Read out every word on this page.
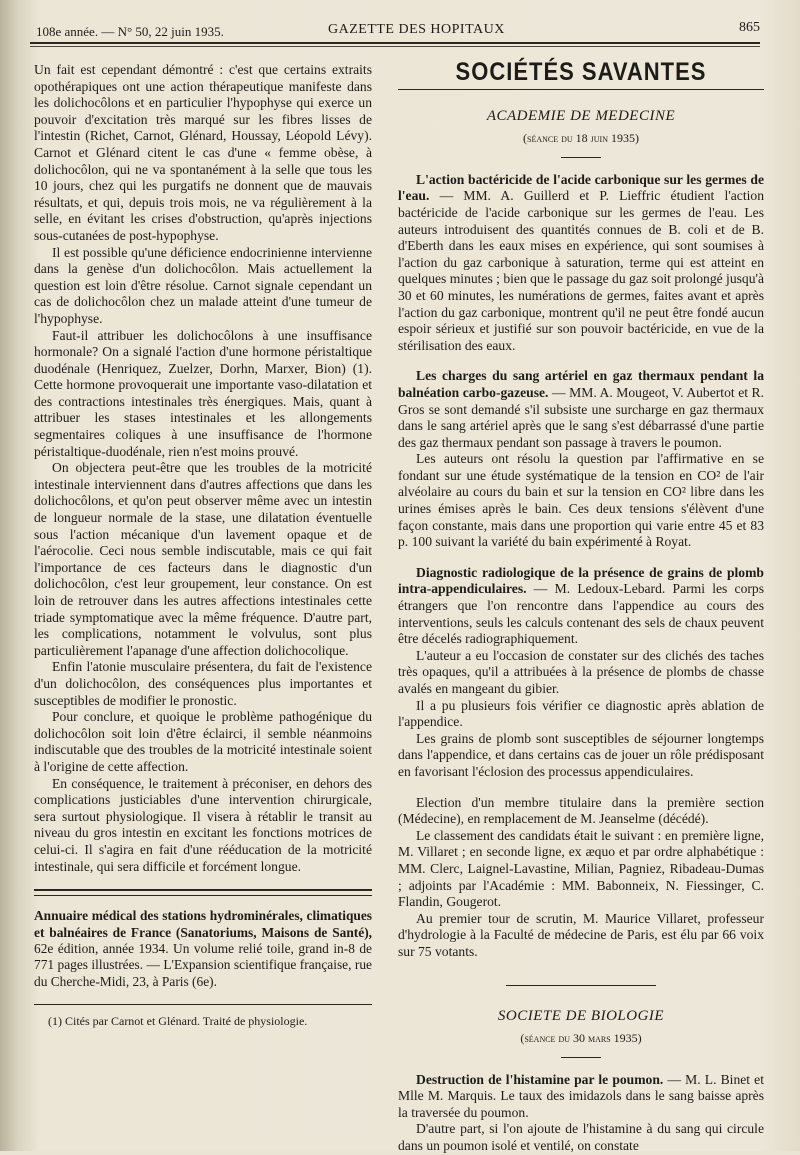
108e année. — N° 50, 22 juin 1935.	GAZETTE DES HOPITAUX	865

Un fait est cependant démontré : c'est que certains extraits opothérapiques ont une action thérapeutique manifeste dans les dolichocôlons et en particulier l'hypophyse qui exerce un pouvoir d'excitation très marqué sur les fibres lisses de l'intestin (Richet, Carnot, Glénard, Houssay, Léopold Lévy). Carnot et Glénard citent le cas d'une « femme obèse, à dolichocôlon, qui ne va spontanément à la selle que tous les 10 jours, chez qui les purgatifs ne donnent que de mauvais résultats, et qui, depuis trois mois, ne va régulièrement à la selle, en évitant les crises d'obstruction, qu'après injections sous-cutanées de post-hypophyse.

Il est possible qu'une déficience endocrinienne intervienne dans la genèse d'un dolichocôlon. Mais actuellement la question est loin d'être résolue. Carnot signale cependant un cas de dolichocôlon chez un malade atteint d'une tumeur de l'hypophyse.

Faut-il attribuer les dolichocôlons à une insuffisance hormonale? On a signalé l'action d'une hormone péristaltique duodénale (Henriquez, Zuelzer, Dorhn, Marxer, Bion) (1). Cette hormone provoquerait une importante vaso-dilatation et des contractions intestinales très énergiques. Mais, quant à attribuer les stases intestinales et les allongements segmentaires coliques à une insuffisance de l'hormone péristaltique-duodénale, rien n'est moins prouvé.

On objectera peut-être que les troubles de la motricité intestinale interviennent dans d'autres affections que dans les dolichocôlons, et qu'on peut observer même avec un intestin de longueur normale de la stase, une dilatation éventuelle sous l'action mécanique d'un lavement opaque et de l'aérocolie. Ceci nous semble indiscutable, mais ce qui fait l'importance de ces facteurs dans le diagnostic d'un dolichocôlon, c'est leur groupement, leur constance. On est loin de retrouver dans les autres affections intestinales cette triade symptomatique avec la même fréquence. D'autre part, les complications, notamment le volvulus, sont plus particulièrement l'apanage d'une affection dolichocolique.

Enfin l'atonie musculaire présentera, du fait de l'existence d'un dolichocôlon, des conséquences plus importantes et susceptibles de modifier le pronostic.

Pour conclure, et quoique le problème pathogénique du dolichocôlon soit loin d'être éclairci, il semble néanmoins indiscutable que des troubles de la motricité intestinale soient à l'origine de cette affection.

En conséquence, le traitement à préconiser, en dehors des complications justiciables d'une intervention chirurgicale, sera surtout physiologique. Il visera à rétablir le transit au niveau du gros intestin en excitant les fonctions motrices de celui-ci. Il s'agira en fait d'une rééducation de la motricité intestinale, qui sera difficile et forcément longue.

Annuaire médical des stations hydrominérales, climatiques et balnéaires de France (Sanatoriums, Maisons de Santé), 62e édition, année 1934. Un volume relié toile, grand in-8 de 771 pages illustrées. — L'Expansion scientifique française, rue du Cherche-Midi, 23, à Paris (6e).

(1) Cités par Carnot et Glénard. Traité de physiologie.

SOCIÉTÉS SAVANTES
ACADEMIE DE MEDECINE
(séance du 18 juin 1935)

L'action bactéricide de l'acide carbonique sur les germes de l'eau. — MM. A. Guillerd et P. Lieffric étudient l'action bactéricide de l'acide carbonique sur les germes de l'eau. Les auteurs introduisent des quantités connues de B. coli et de B. d'Eberth dans les eaux mises en expérience, qui sont soumises à l'action du gaz carbonique à saturation, terme qui est atteint en quelques minutes ; bien que le passage du gaz soit prolongé jusqu'à 30 et 60 minutes, les numérations de germes, faites avant et après l'action du gaz carbonique, montrent qu'il ne peut être fondé aucun espoir sérieux et justifié sur son pouvoir bactéricide, en vue de la stérilisation des eaux.

Les charges du sang artériel en gaz thermaux pendant la balnéation carbo-gazeuse. — MM. A. Mougeot, V. Aubertot et R. Gros se sont demandé s'il subsiste une surcharge en gaz thermaux dans le sang artériel après que le sang s'est débarrassé d'une partie des gaz thermaux pendant son passage à travers le poumon.

Les auteurs ont résolu la question par l'affirmative en se fondant sur une étude systématique de la tension en CO² de l'air alvéolaire au cours du bain et sur la tension en CO² libre dans les urines émises après le bain. Ces deux tensions s'élèvent d'une façon constante, mais dans une proportion qui varie entre 45 et 83 p. 100 suivant la variété du bain expérimenté à Royat.

Diagnostic radiologique de la présence de grains de plomb intra-appendiculaires. — M. Ledoux-Lebard. Parmi les corps étrangers que l'on rencontre dans l'appendice au cours des interventions, seuls les calculs contenant des sels de chaux peuvent être décelés radiographiquement.

L'auteur a eu l'occasion de constater sur des clichés des taches très opaques, qu'il a attribuées à la présence de plombs de chasse avalés en mangeant du gibier.

Il a pu plusieurs fois vérifier ce diagnostic après ablation de l'appendice.

Les grains de plomb sont susceptibles de séjourner longtemps dans l'appendice, et dans certains cas de jouer un rôle prédisposant en favorisant l'éclosion des processus appendiculaires.

Election d'un membre titulaire dans la première section (Médecine), en remplacement de M. Jeanselme (décédé).

Le classement des candidats était le suivant : en première ligne, M. Villaret ; en seconde ligne, ex æquo et par ordre alphabétique : MM. Clerc, Laignel-Lavastine, Milian, Pagniez, Ribadeau-Dumas ; adjoints par l'Académie : MM. Babonneix, N. Fiessinger, C. Flandin, Gougerot.

Au premier tour de scrutin, M. Maurice Villaret, professeur d'hydrologie à la Faculté de médecine de Paris, est élu par 66 voix sur 75 votants.

SOCIETE DE BIOLOGIE
(séance du 30 mars 1935)

Destruction de l'histamine par le poumon. — M. L. Binet et Mlle M. Marquis. Le taux des imidazols dans le sang baisse après la traversée du poumon.

D'autre part, si l'on ajoute de l'histamine à du sang qui circule dans un poumon isolé et ventilé, on constate
